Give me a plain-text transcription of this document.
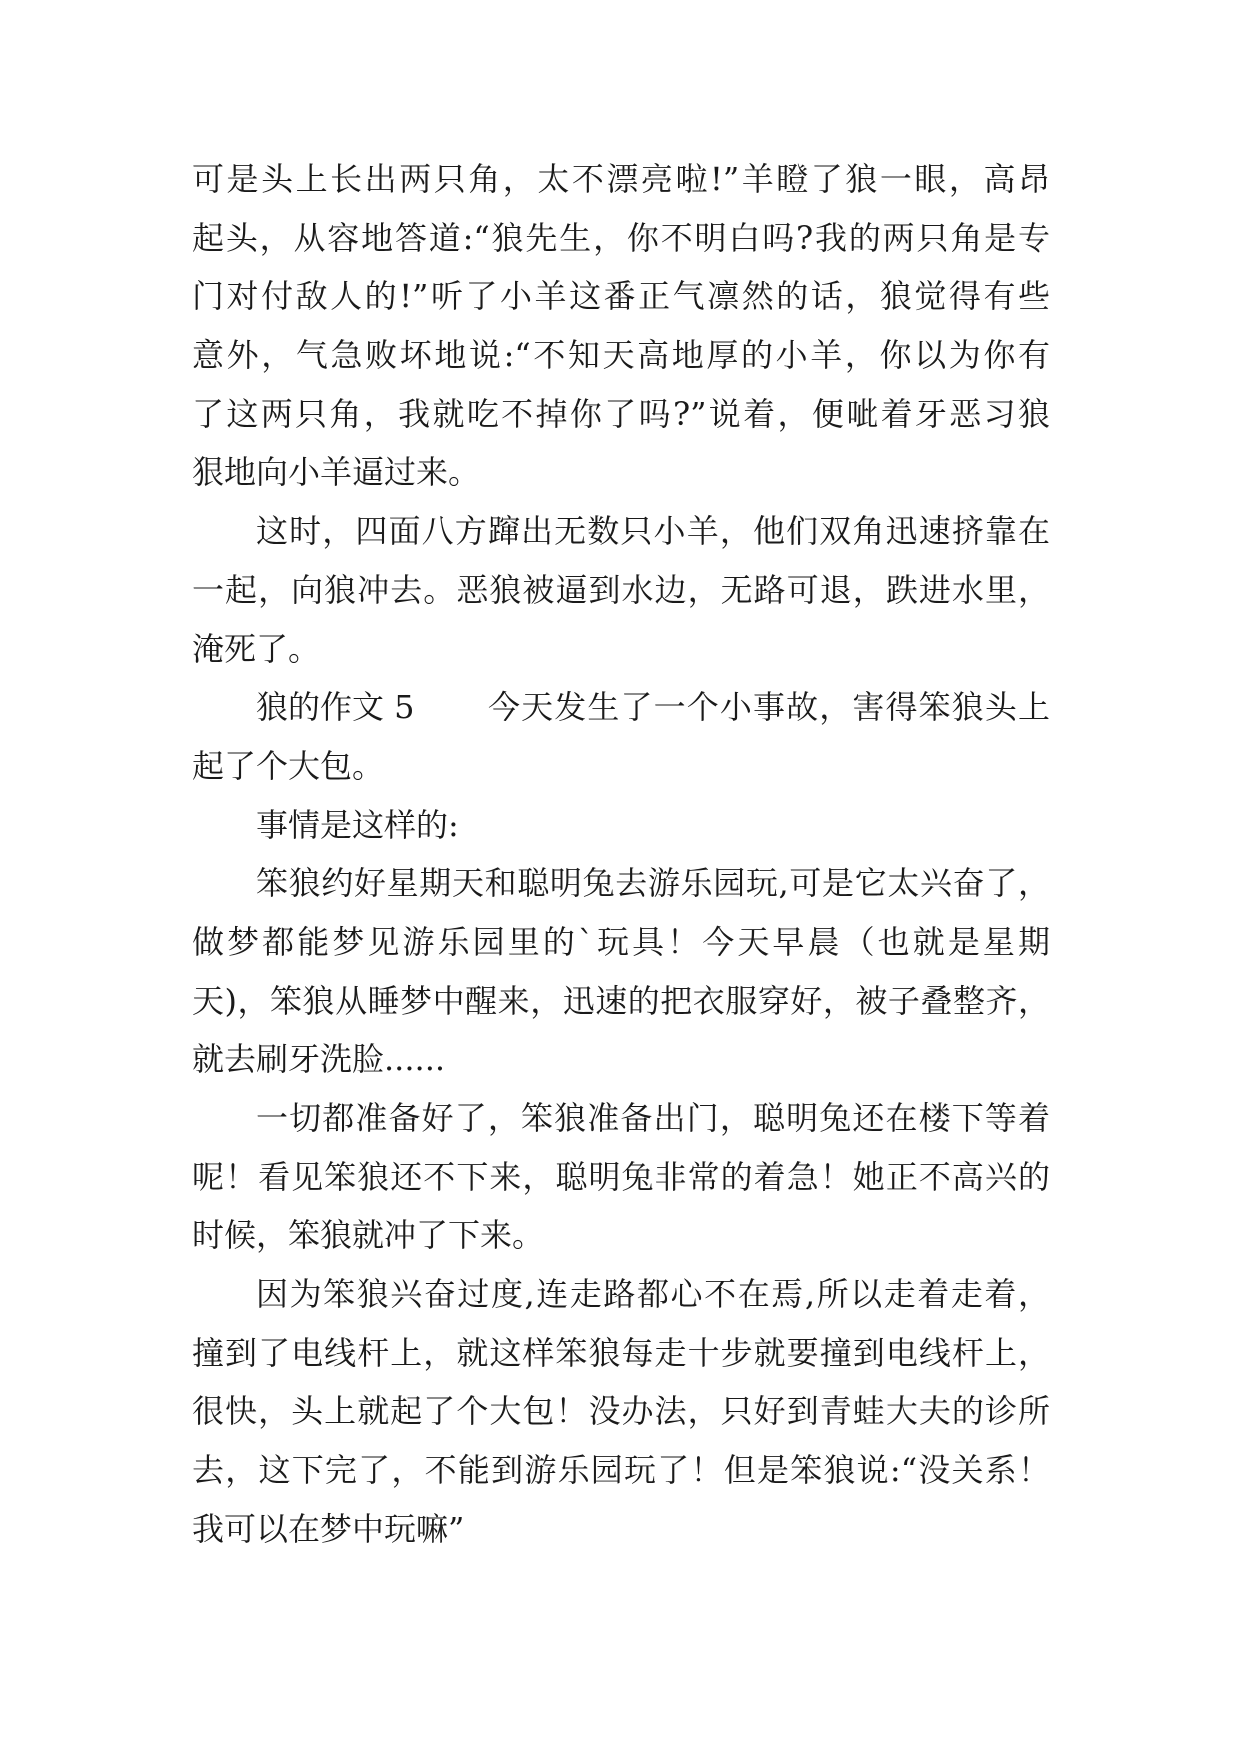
可是头上长出两只角，太不漂亮啦!”羊瞪了狼一眼，高昂
起头，从容地答道:“狼先生，你不明白吗?我的两只角是专
门对付敌人的!”听了小羊这番正气凛然的话，狼觉得有些
意外，气急败坏地说:“不知天高地厚的小羊，你以为你有
了这两只角，我就吃不掉你了吗?”说着，便呲着牙恶习狼
狠地向小羊逼过来。
这时，四面八方蹿出无数只小羊，他们双角迅速挤靠在
一起，向狼冲去。恶狼被逼到水边，无路可退，跌进水里，
淹死了。
狼的作文 5 今天发生了一个小事故，害得笨狼头上
起了个大包。
事情是这样的:
笨狼约好星期天和聪明兔去游乐园玩,可是它太兴奋了，
做梦都能梦见游乐园里的`玩具！今天早晨（也就是星期
天)，笨狼从睡梦中醒来，迅速的把衣服穿好，被子叠整齐，
就去刷牙洗脸......
一切都准备好了，笨狼准备出门，聪明兔还在楼下等着
呢！看见笨狼还不下来，聪明兔非常的着急！她正不高兴的
时候，笨狼就冲了下来。
因为笨狼兴奋过度,连走路都心不在焉,所以走着走着，
撞到了电线杆上，就这样笨狼每走十步就要撞到电线杆上，
很快，头上就起了个大包！没办法，只好到青蛙大夫的诊所
去，这下完了，不能到游乐园玩了！但是笨狼说:“没关系！
我可以在梦中玩嘛”
